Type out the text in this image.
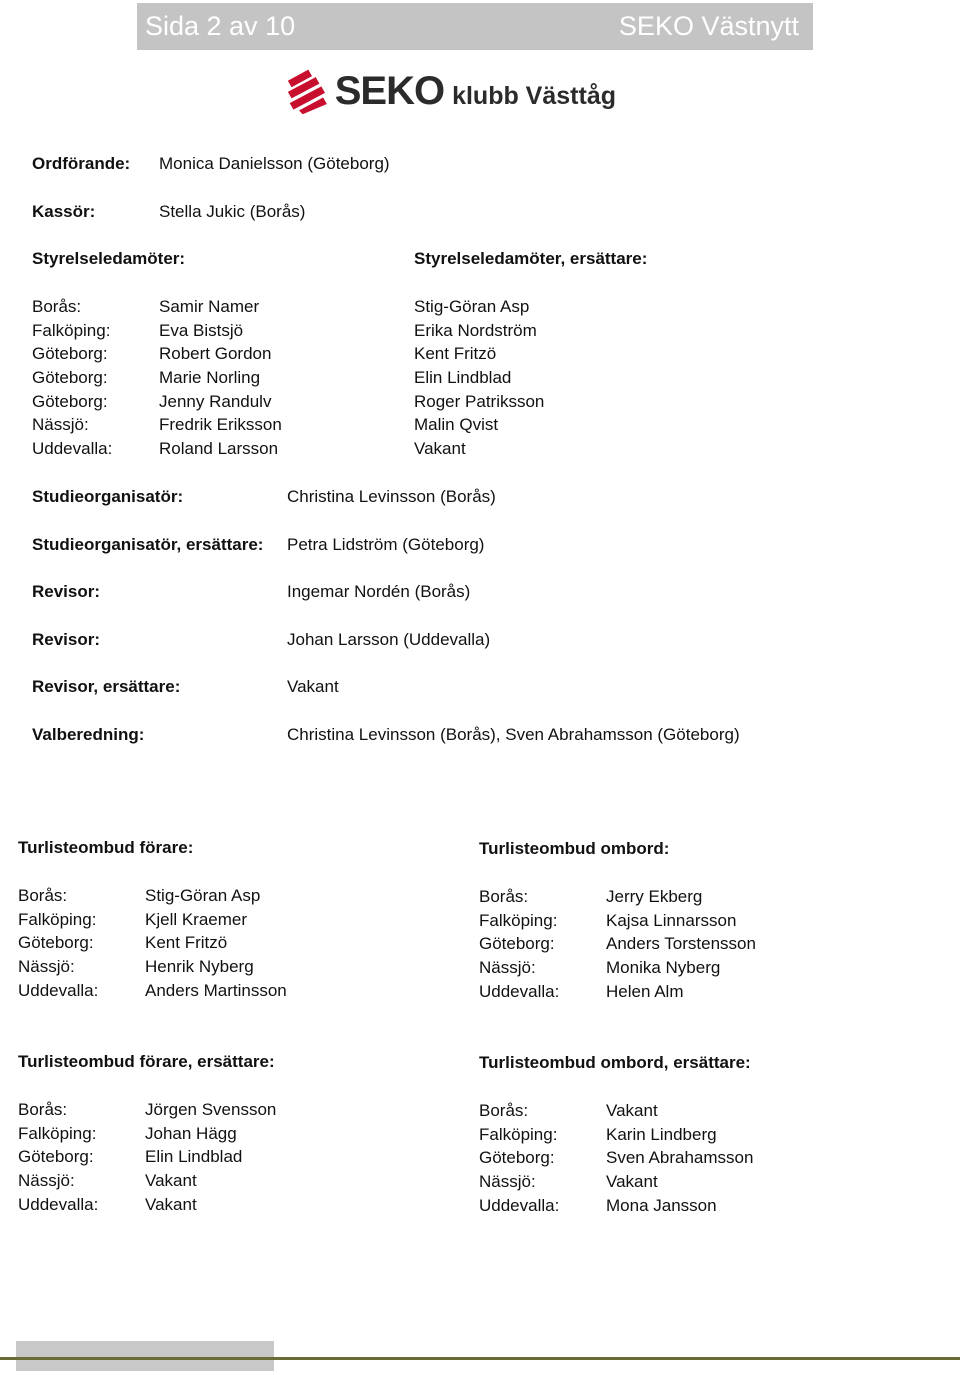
Sida 2 av 10	SEKO Västnytt
SEKO klubb Västtåg
Ordförande: Monica Danielsson (Göteborg)
Kassör:	Stella Jukic (Borås)
Styrelseledamöter:	Styrelseledamöter, ersättare:
Borås:	Samir Namer	Stig-Göran Asp
Falköping:	Eva Bistsjö	Erika Nordström
Göteborg:	Robert Gordon	Kent Fritzö
Göteborg:	Marie Norling	Elin Lindblad
Göteborg:	Jenny Randulv	Roger Patriksson
Nässjö:	Fredrik Eriksson	Malin Qvist
Uddevalla:	Roland Larsson	Vakant
Studieorganisatör:	Christina Levinsson (Borås)
Studieorganisatör, ersättare: Petra Lidström (Göteborg)
Revisor:	Ingemar Nordén (Borås)
Revisor:	Johan Larsson (Uddevalla)
Revisor, ersättare:	Vakant
Valberedning:	Christina Levinsson (Borås), Sven Abrahamsson (Göteborg)
Turlisteombud förare:
Borås:	Stig-Göran Asp
Falköping:	Kjell Kraemer
Göteborg:	Kent Fritzö
Nässjö:	Henrik Nyberg
Uddevalla:	Anders Martinsson
Turlisteombud ombord:
Borås:	Jerry Ekberg
Falköping:	Kajsa Linnarsson
Göteborg:	Anders Torstensson
Nässjö:	Monika Nyberg
Uddevalla:	Helen Alm
Turlisteombud förare, ersättare:
Borås:	Jörgen Svensson
Falköping:	Johan Hägg
Göteborg:	Elin Lindblad
Nässjö:	Vakant
Uddevalla:	Vakant
Turlisteombud ombord, ersättare:
Borås:	Vakant
Falköping:	Karin Lindberg
Göteborg:	Sven Abrahamsson
Nässjö:	Vakant
Uddevalla:	Mona Jansson
